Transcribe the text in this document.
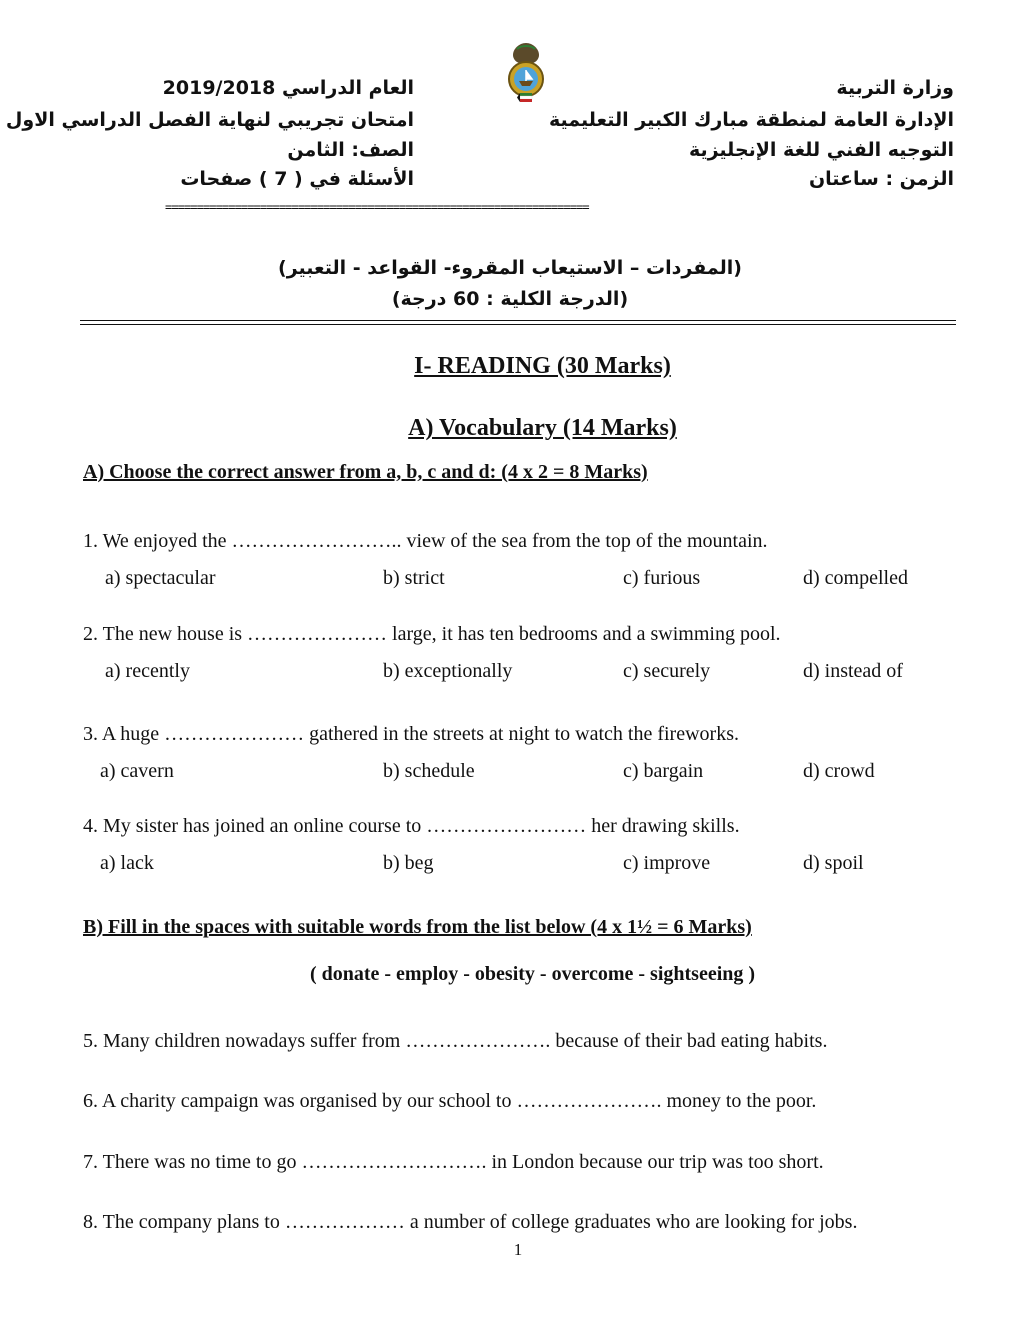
وزارة التربية
الإدارة العامة لمنطقة مبارك الكبير التعليمية
التوجيه الفني للغة الإنجليزية
الزمن : ساعتان
العام الدراسي 2019/2018
امتحان تجريبي لنهاية الفصل الدراسي الاول
الصف: الثامن
الأسئلة في ( 7 ) صفحات
===================================================================
(المفردات – الاستيعاب المقروء- القواعد - التعبير)
(الدرجة الكلية : 60 درجة)
I- READING (30 Marks)
A) Vocabulary (14 Marks)
A) Choose the correct answer from a, b, c and d: (4 x 2 = 8 Marks)
1. We enjoyed the …………………….. view of the sea from the top of the mountain.
a) spectacular	b) strict	c) furious	d) compelled
2. The new house is ………………… large, it has ten bedrooms and a swimming pool.
a) recently	b) exceptionally	c) securely	d) instead of
3. A huge ………………… gathered in the streets at night to watch the fireworks.
a) cavern	b) schedule	c) bargain	d) crowd
4. My sister has joined an online course to …………………… her drawing skills.
a) lack	b) beg	c) improve	d) spoil
B) Fill in the spaces with suitable words from the list below (4 x 1½ = 6 Marks)
( donate - employ - obesity - overcome - sightseeing )
5. Many children nowadays suffer from …………………. because of their bad eating habits.
6. A charity campaign was organised by our school to …………………. money to the poor.
7. There was no time to go ………………………. in London because our trip was too short.
8. The company plans to ……………… a number of college graduates who are looking for jobs.
1
